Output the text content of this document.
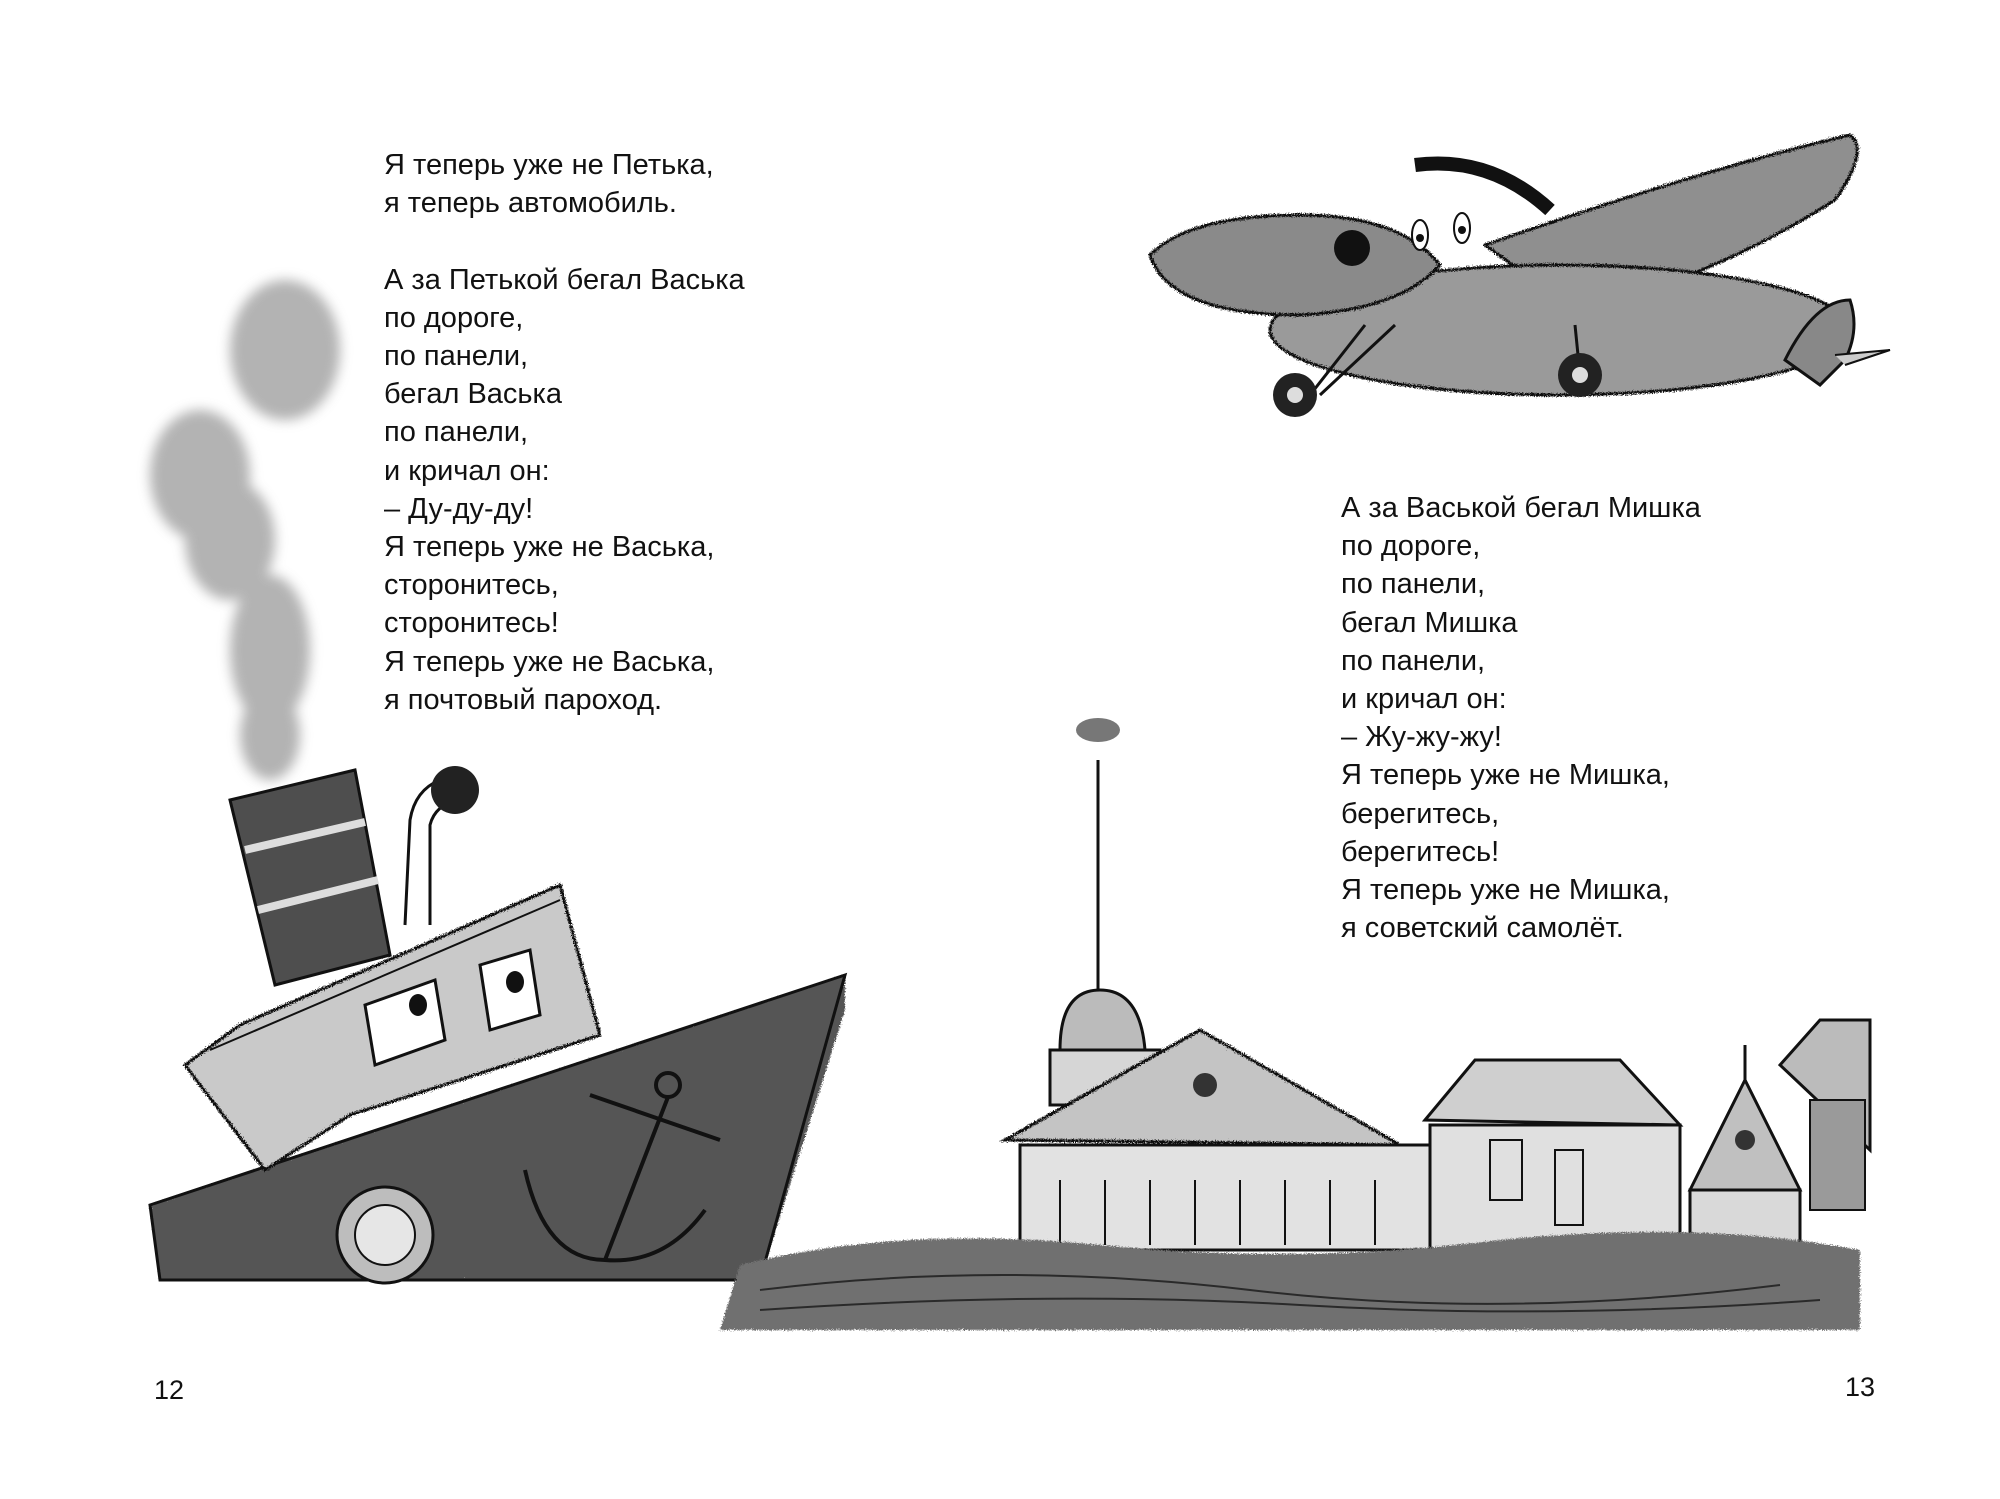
Я теперь уже не Петька,
я теперь автомобиль.
А за Петькой бегал Васька
по дороге,
по панели,
бегал Васька
по панели,
и кричал он:
– Ду-ду-ду!
Я теперь уже не Васька,
сторонитесь,
сторонитесь!
Я теперь уже не Васька,
я почтовый пароход.
12
А за Васькой бегал Мишка
по дороге,
по панели,
бегал Мишка
по панели,
и кричал он:
– Жу-жу-жу!
Я теперь уже не Мишка,
берегитесь,
берегитесь!
Я теперь уже не Мишка,
я советский самолёт.
13
